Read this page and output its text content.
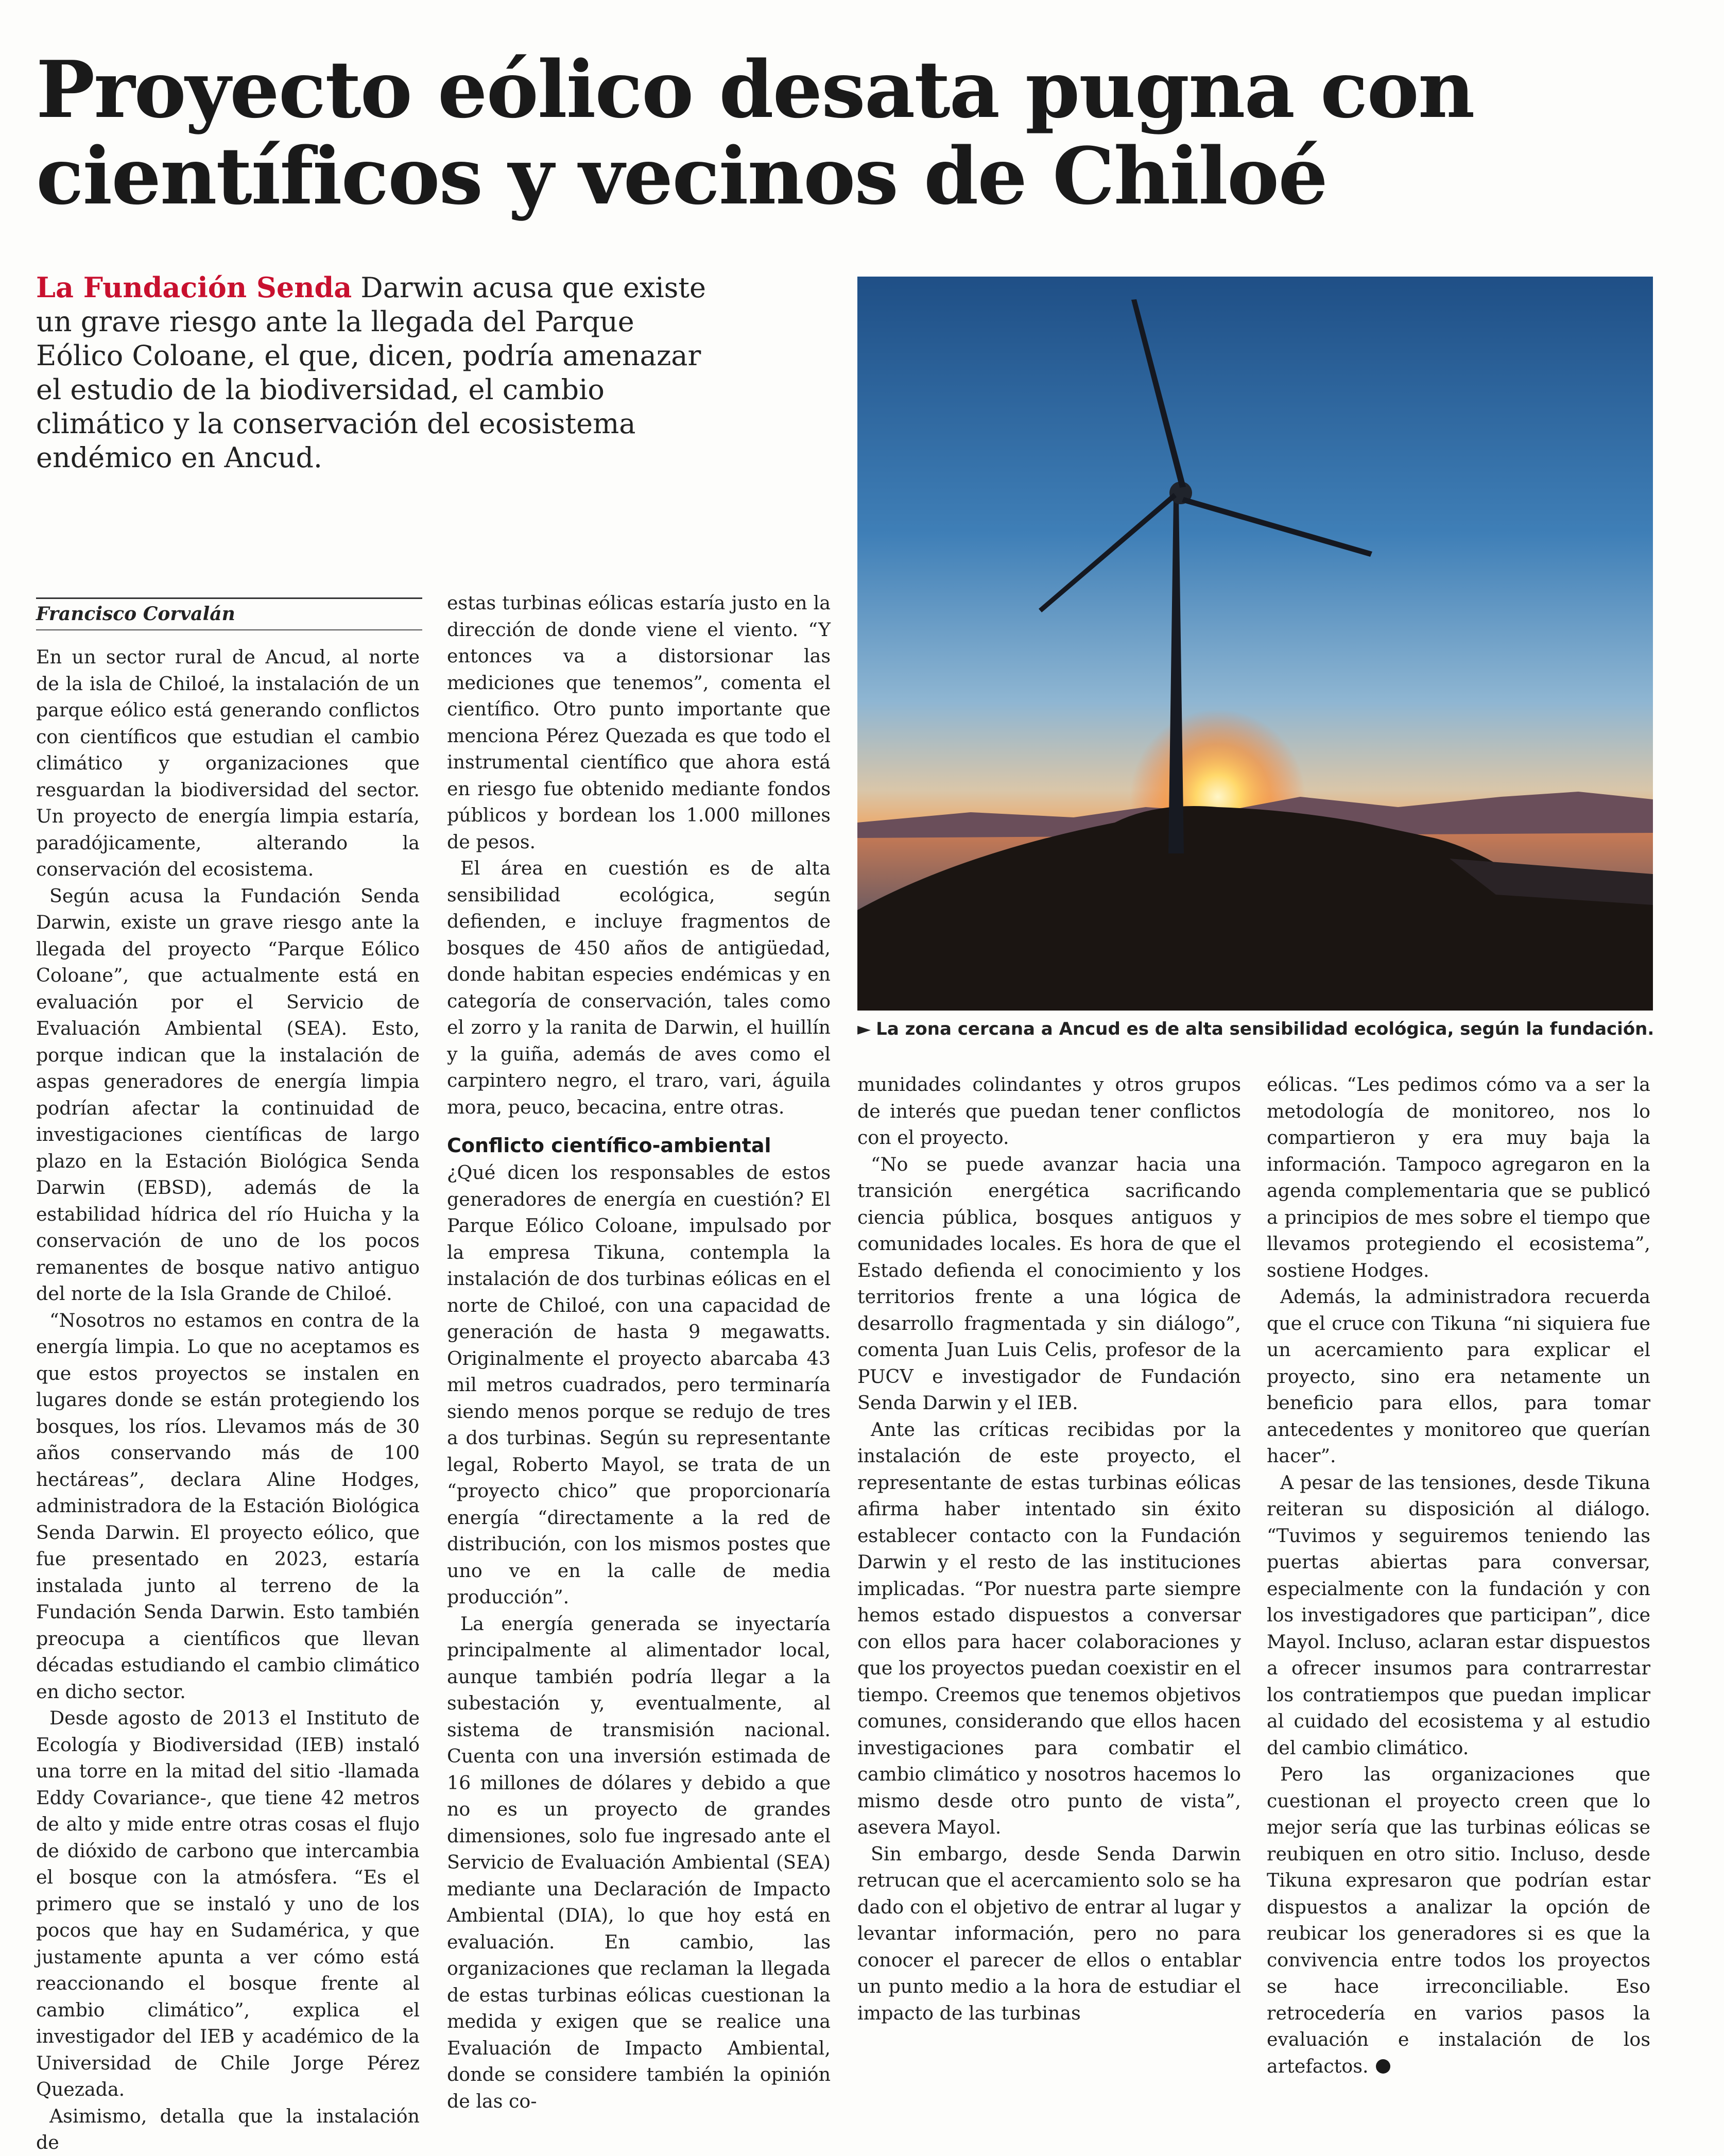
Proyecto eólico desata pugna con científicos y vecinos de Chiloé
La Fundación Senda Darwin acusa que existe un grave riesgo ante la llegada del Parque Eólico Coloane, el que, dicen, podría amenazar el estudio de la biodiversidad, el cambio climático y la conservación del ecosistema endémico en Ancud.
► La zona cercana a Ancud es de alta sensibilidad ecológica, según la fundación.
Francisco Corvalán

En un sector rural de Ancud, al norte de la isla de Chiloé, la instalación de un parque eólico está generando conflictos con científicos que estudian el cambio climático y organizaciones que resguardan la biodiversidad del sector. Un proyecto de energía limpia estaría, paradójicamente, alterando la conservación del ecosistema.

Según acusa la Fundación Senda Darwin, existe un grave riesgo ante la llegada del proyecto “Parque Eólico Coloane”, que actualmente está en evaluación por el Servicio de Evaluación Ambiental (SEA). Esto, porque indican que la instalación de aspas generadores de energía limpia podrían afectar la continuidad de investigaciones científicas de largo plazo en la Estación Biológica Senda Darwin (EBSD), además de la estabilidad hídrica del río Huicha y la conservación de uno de los pocos remanentes de bosque nativo antiguo del norte de la Isla Grande de Chiloé.

“Nosotros no estamos en contra de la energía limpia. Lo que no aceptamos es que estos proyectos se instalen en lugares donde se están protegiendo los bosques, los ríos. Llevamos más de 30 años conservando más de 100 hectáreas”, declara Aline Hodges, administradora de la Estación Biológica Senda Darwin. El proyecto eólico, que fue presentado en 2023, estaría instalada junto al terreno de la Fundación Senda Darwin. Esto también preocupa a científicos que llevan décadas estudiando el cambio climático en dicho sector.

Desde agosto de 2013 el Instituto de Ecología y Biodiversidad (IEB) instaló una torre en la mitad del sitio -llamada Eddy Covariance-, que tiene 42 metros de alto y mide entre otras cosas el flujo de dióxido de carbono que intercambia el bosque con la atmósfera. “Es el primero que se instaló y uno de los pocos que hay en Sudamérica, y que justamente apunta a ver cómo está reaccionando el bosque frente al cambio climático”, explica el investigador del IEB y académico de la Universidad de Chile Jorge Pérez Quezada.

Asimismo, detalla que la instalación de

estas turbinas eólicas estaría justo en la dirección de donde viene el viento. “Y entonces va a distorsionar las mediciones que tenemos”, comenta el científico. Otro punto importante que menciona Pérez Quezada es que todo el instrumental científico que ahora está en riesgo fue obtenido mediante fondos públicos y bordean los 1.000 millones de pesos.

El área en cuestión es de alta sensibilidad ecológica, según defienden, e incluye fragmentos de bosques de 450 años de antigüedad, donde habitan especies endémicas y en categoría de conservación, tales como el zorro y la ranita de Darwin, el huillín y la guiña, además de aves como el carpintero negro, el traro, vari, águila mora, peuco, becacina, entre otras.

Conflicto científico-ambiental

¿Qué dicen los responsables de estos generadores de energía en cuestión? El Parque Eólico Coloane, impulsado por la empresa Tikuna, contempla la instalación de dos turbinas eólicas en el norte de Chiloé, con una capacidad de generación de hasta 9 megawatts. Originalmente el proyecto abarcaba 43 mil metros cuadrados, pero terminaría siendo menos porque se redujo de tres a dos turbinas. Según su representante legal, Roberto Mayol, se trata de un “proyecto chico” que proporcionaría energía “directamente a la red de distribución, con los mismos postes que uno ve en la calle de media producción”.

La energía generada se inyectaría principalmente al alimentador local, aunque también podría llegar a la subestación y, eventualmente, al sistema de transmisión nacional. Cuenta con una inversión estimada de 16 millones de dólares y debido a que no es un proyecto de grandes dimensiones, solo fue ingresado ante el Servicio de Evaluación Ambiental (SEA) mediante una Declaración de Impacto Ambiental (DIA), lo que hoy está en evaluación. En cambio, las organizaciones que reclaman la llegada de estas turbinas eólicas cuestionan la medida y exigen que se realice una Evaluación de Impacto Ambiental, donde se considere también la opinión de las co-

munidades colindantes y otros grupos de interés que puedan tener conflictos con el proyecto.

“No se puede avanzar hacia una transición energética sacrificando ciencia pública, bosques antiguos y comunidades locales. Es hora de que el Estado defienda el conocimiento y los territorios frente a una lógica de desarrollo fragmentada y sin diálogo”, comenta Juan Luis Celis, profesor de la PUCV e investigador de Fundación Senda Darwin y el IEB.

Ante las críticas recibidas por la instalación de este proyecto, el representante de estas turbinas eólicas afirma haber intentado sin éxito establecer contacto con la Fundación Darwin y el resto de las instituciones implicadas. “Por nuestra parte siempre hemos estado dispuestos a conversar con ellos para hacer colaboraciones y que los proyectos puedan coexistir en el tiempo. Creemos que tenemos objetivos comunes, considerando que ellos hacen investigaciones para combatir el cambio climático y nosotros hacemos lo mismo desde otro punto de vista”, asevera Mayol.

Sin embargo, desde Senda Darwin retrucan que el acercamiento solo se ha dado con el objetivo de entrar al lugar y levantar información, pero no para conocer el parecer de ellos o entablar un punto medio a la hora de estudiar el impacto de las turbinas

eólicas. “Les pedimos cómo va a ser la metodología de monitoreo, nos lo compartieron y era muy baja la información. Tampoco agregaron en la agenda complementaria que se publicó a principios de mes sobre el tiempo que llevamos protegiendo el ecosistema”, sostiene Hodges.

Además, la administradora recuerda que el cruce con Tikuna “ni siquiera fue un acercamiento para explicar el proyecto, sino era netamente un beneficio para ellos, para tomar antecedentes y monitoreo que querían hacer”.

A pesar de las tensiones, desde Tikuna reiteran su disposición al diálogo. “Tuvimos y seguiremos teniendo las puertas abiertas para conversar, especialmente con la fundación y con los investigadores que participan”, dice Mayol. Incluso, aclaran estar dispuestos a ofrecer insumos para contrarrestar los contratiempos que puedan implicar al cuidado del ecosistema y al estudio del cambio climático.

Pero las organizaciones que cuestionan el proyecto creen que lo mejor sería que las turbinas eólicas se reubiquen en otro sitio. Incluso, desde Tikuna expresaron que podrían estar dispuestos a analizar la opción de reubicar los generadores si es que la convivencia entre todos los proyectos se hace irreconciliable. Eso retrocedería en varios pasos la evaluación e instalación de los artefactos.
